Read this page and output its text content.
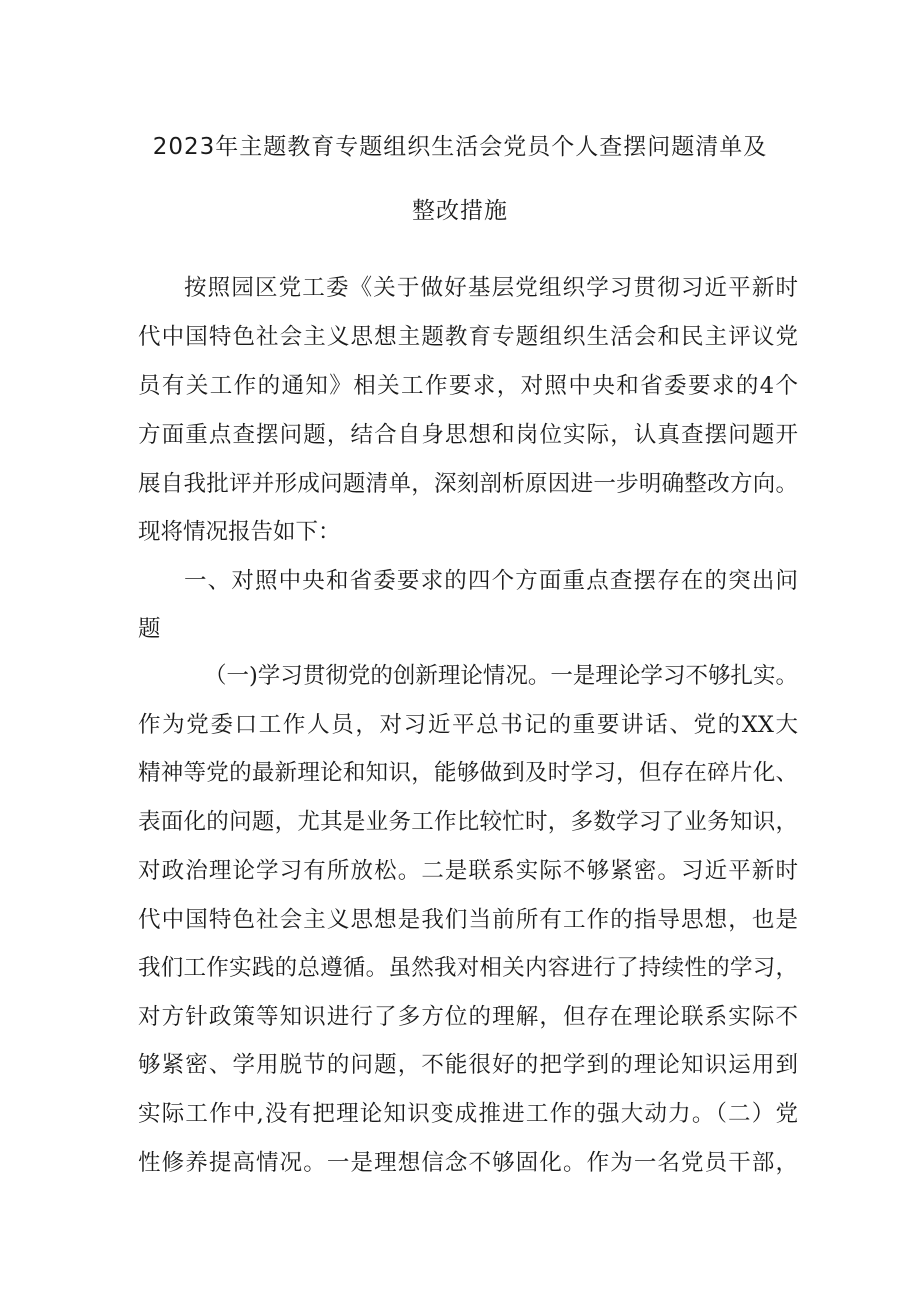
2023年主题教育专题组织生活会党员个人查摆问题清单及
整改措施
按照园区党工委《关于做好基层党组织学习贯彻习近平新时
代中国特色社会主义思想主题教育专题组织生活会和民主评议党
员有关工作的通知》相关工作要求，对照中央和省委要求的4个
方面重点查摆问题，结合自身思想和岗位实际，认真查摆问题开
展自我批评并形成问题清单，深刻剖析原因进一步明确整改方向。
现将情况报告如下：
一、对照中央和省委要求的四个方面重点查摆存在的突出问
题
（一)学习贯彻党的创新理论情况。一是理论学习不够扎实。
作为党委口工作人员，对习近平总书记的重要讲话、党的XX大
精神等党的最新理论和知识，能够做到及时学习，但存在碎片化、
表面化的问题，尤其是业务工作比较忙时，多数学习了业务知识，
对政治理论学习有所放松。二是联系实际不够紧密。习近平新时
代中国特色社会主义思想是我们当前所有工作的指导思想，也是
我们工作实践的总遵循。虽然我对相关内容进行了持续性的学习，
对方针政策等知识进行了多方位的理解，但存在理论联系实际不
够紧密、学用脱节的问题，不能很好的把学到的理论知识运用到
实际工作中,没有把理论知识变成推进工作的强大动力。（二）党
性修养提高情况。一是理想信念不够固化。作为一名党员干部，
